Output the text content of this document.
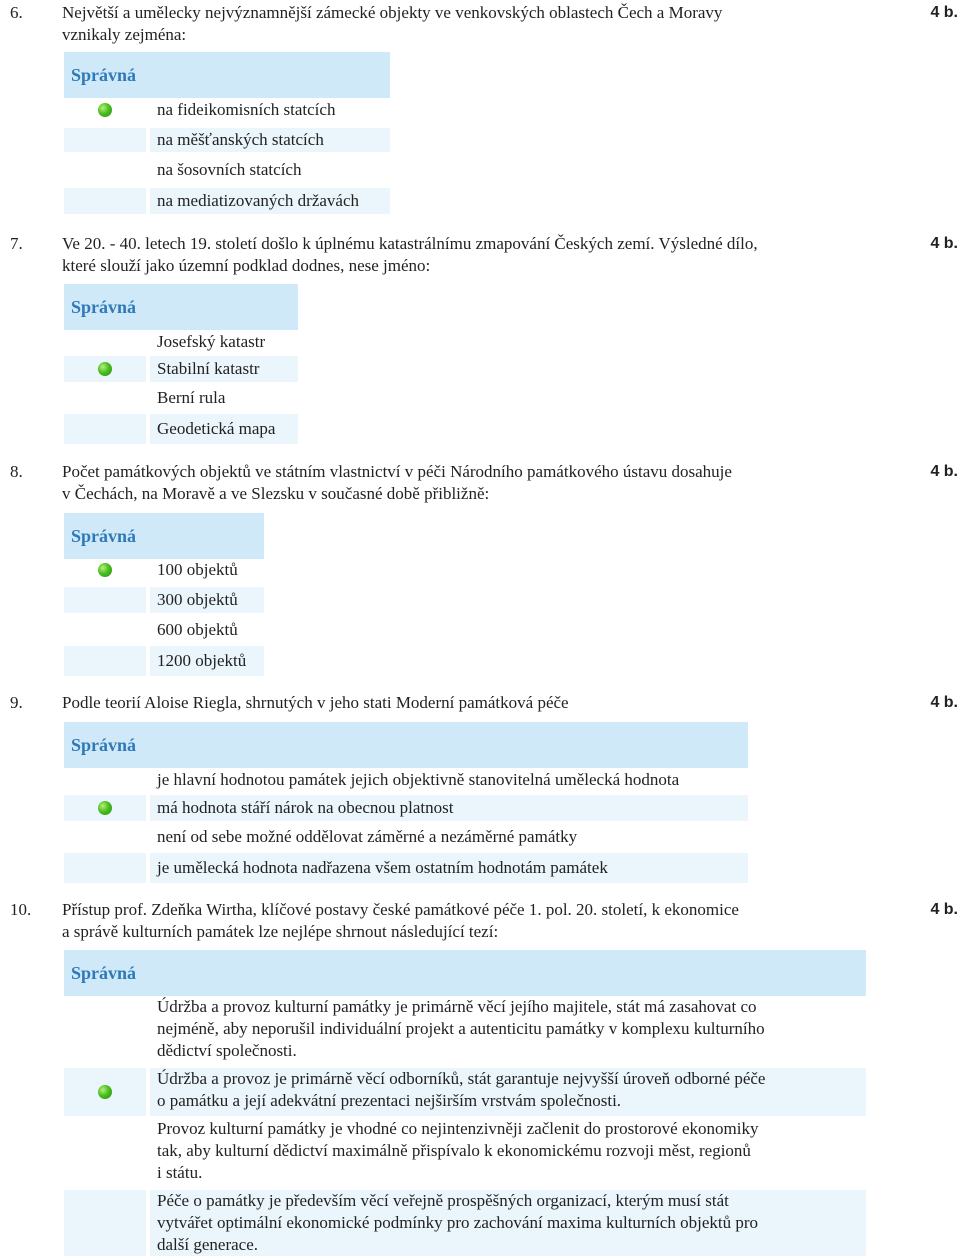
6. Největší a umělecky nejvýznamnější zámecké objekty ve venkovských oblastech Čech a Moravy
vznikaly zejména:
4 b.
Správná
na fideikomisních statcích
na měšťanských statcích
na šosovních statcích
na mediatizovaných državách
7. Ve 20. - 40. letech 19. století došlo k úplnému katastrálnímu zmapování Českých zemí. Výsledné dílo,
které slouží jako územní podklad dodnes, nese jméno:
4 b.
Správná
Josefský katastr
Stabilní katastr
Berní rula
Geodetická mapa
8. Počet památkových objektů ve státním vlastnictví v péči Národního památkového ústavu dosahuje
v Čechách, na Moravě a ve Slezsku v současné době přibližně:
4 b.
Správná
100 objektů
300 objektů
600 objektů
1200 objektů
9. Podle teorií Aloise Riegla, shrnutých v jeho stati Moderní památková péče	4 b.
Správná
je hlavní hodnotou památek jejich objektivně stanovitelná umělecká hodnota
má hodnota stáří nárok na obecnou platnost
není od sebe možné oddělovat záměrné a nezáměrné památky
je umělecká hodnota nadřazena všem ostatním hodnotám památek
10. Přístup prof. Zdeňka Wirtha, klíčové postavy české památkové péče 1. pol. 20. století, k ekonomice
a správě kulturních památek lze nejlépe shrnout následující tezí:
4 b.
Správná
Údržba a provoz kulturní památky je primárně věcí jejího majitele, stát má zasahovat co
nejméně, aby neporušil individuální projekt a autenticitu památky v komplexu kulturního
dědictví společnosti.
Údržba a provoz je primárně věcí odborníků, stát garantuje nejvyšší úroveň odborné péče
o památku a její adekvátní prezentaci nejširším vrstvám společnosti.
Provoz kulturní památky je vhodné co nejintenzivněji začlenit do prostorové ekonomiky
tak, aby kulturní dědictví maximálně přispívalo k ekonomickému rozvoji měst, regionů
i státu.
Péče o památky je především věcí veřejně prospěšných organizací, kterým musí stát
vytvářet optimální ekonomické podmínky pro zachování maxima kulturních objektů pro
další generace.
